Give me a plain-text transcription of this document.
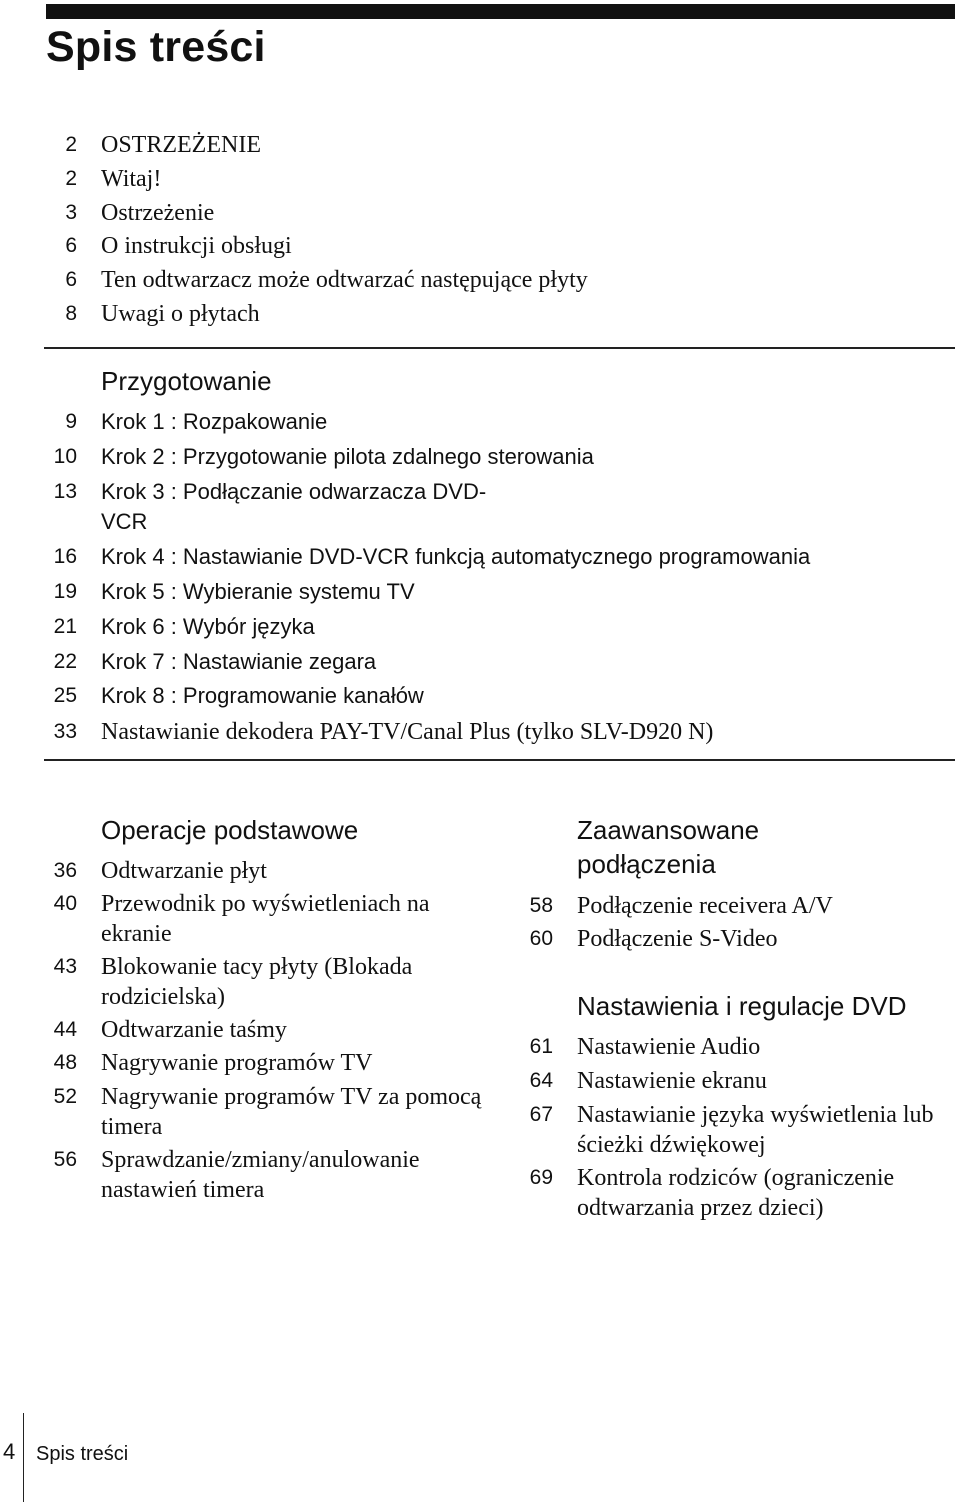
Spis treści
2	OSTRZEŻENIE
2	Witaj!
3	Ostrzeżenie
6	O instrukcji obsługi
6	Ten odtwarzacz może odtwarzać następujące płyty
8	Uwagi o płytach
Przygotowanie
9	Krok 1 : Rozpakowanie
10	Krok 2 : Przygotowanie pilota zdalnego sterowania
13	Krok 3 : Podłączanie odwarzacza DVD-VCR
16	Krok 4 : Nastawianie DVD-VCR funkcją automatycznego programowania
19	Krok 5 : Wybieranie systemu TV
21	Krok 6 : Wybór języka
22	Krok 7 : Nastawianie zegara
25	Krok 8 : Programowanie kanałów
33	Nastawianie dekodera PAY-TV/Canal Plus (tylko SLV-D920 N)
Operacje podstawowe
36	Odtwarzanie płyt
40	Przewodnik po wyświetleniach na ekranie
43	Blokowanie tacy płyty (Blokada rodzicielska)
44	Odtwarzanie taśmy
48	Nagrywanie programów TV
52	Nagrywanie programów TV za pomocą timera
56	Sprawdzanie/zmiany/anulowanie nastawień timera
Zaawansowane podłączenia
58	Podłączenie receivera A/V
60	Podłączenie S-Video
Nastawienia i regulacje DVD
61	Nastawienie Audio
64	Nastawienie ekranu
67	Nastawianie języka wyświetlenia lub ścieżki dźwiękowej
69	Kontrola rodziców (ograniczenie odtwarzania przez dzieci)
4 Spis treści
